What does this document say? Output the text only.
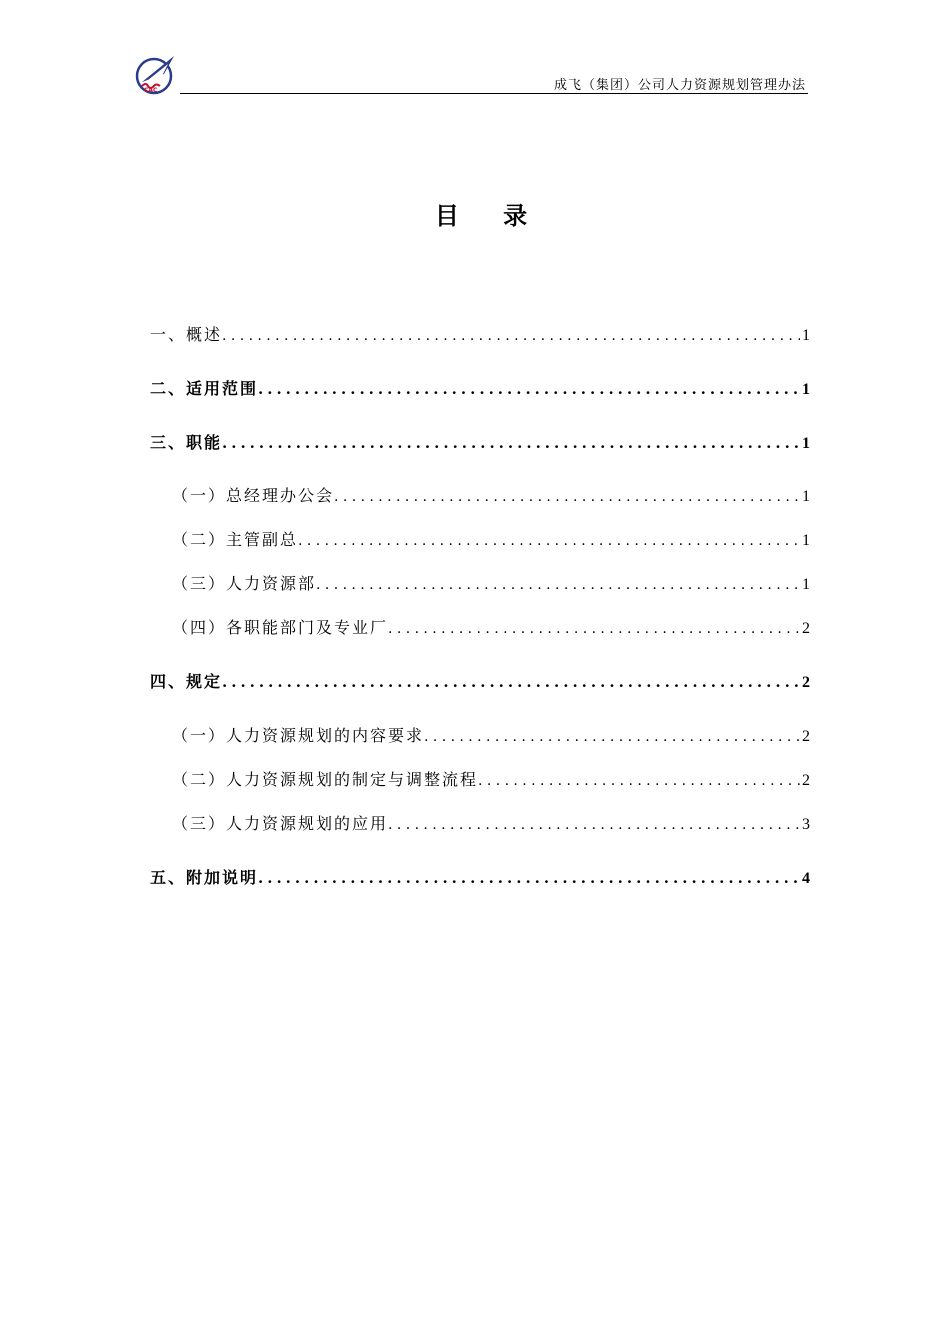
CAC	成飞（集团）公司人力资源规划管理办法
目 录
一、概述 .....	1
二、适用范围 .....	1
三、职能 .....	1
（一）总经理办公会 .....	1
（二）主管副总 .....	1
（三）人力资源部 .....	1
（四）各职能部门及专业厂 .....	2
四、规定 .....	2
（一）人力资源规划的内容要求 .....	2
（二）人力资源规划的制定与调整流程 .....	2
（三）人力资源规划的应用 .....	3
五、附加说明 .....	4
